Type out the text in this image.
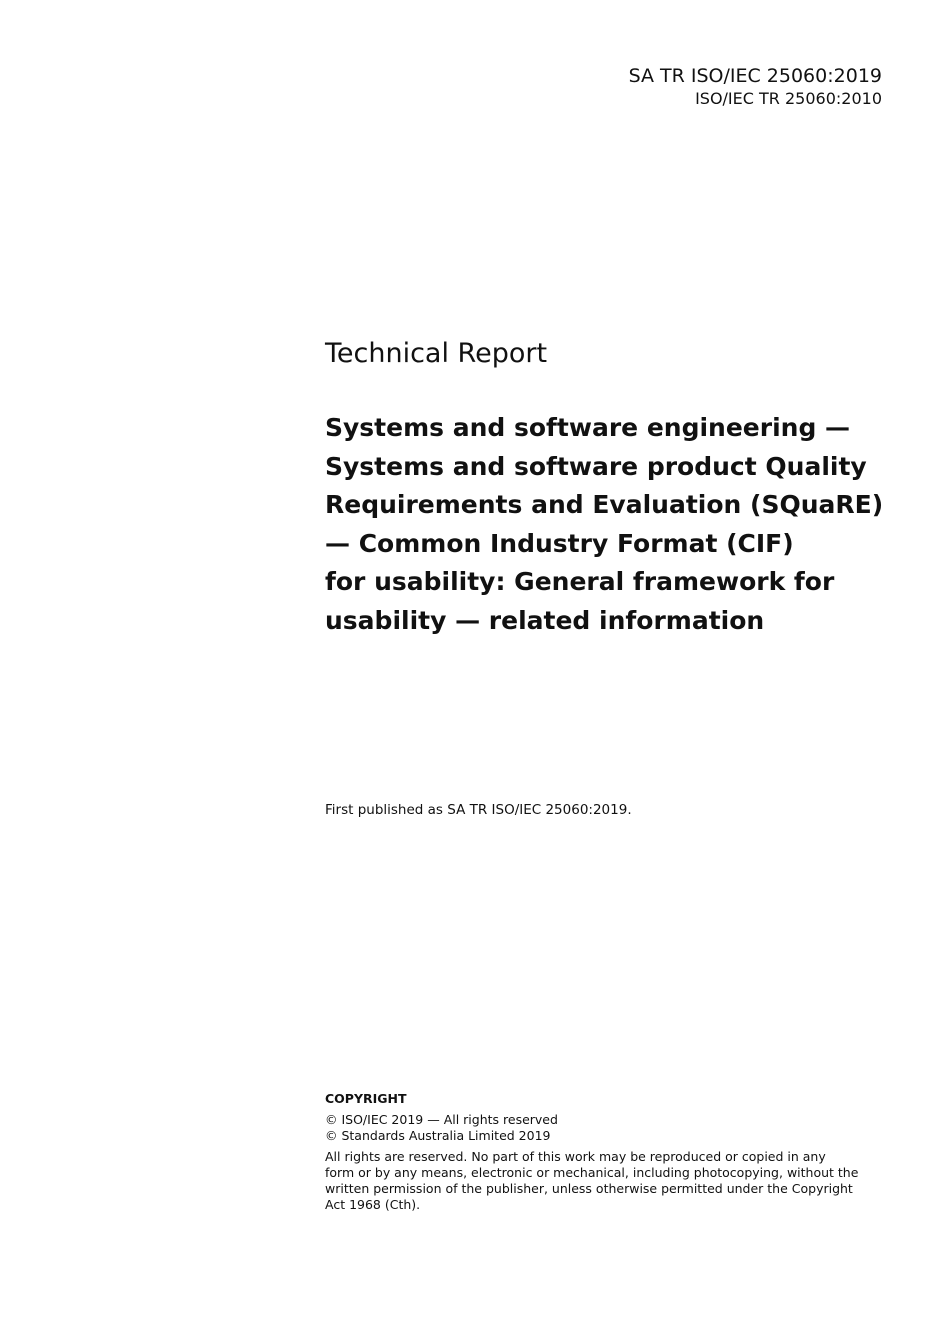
SA TR ISO/IEC 25060:2019
ISO/IEC TR 25060:2010
Technical Report
Systems and software engineering —
Systems and software product Quality
Requirements and Evaluation (SQuaRE)
— Common Industry Format (CIF)
for usability: General framework for
usability — related information
First published as SA TR ISO/IEC 25060:2019.
COPYRIGHT
© ISO/IEC 2019 — All rights reserved
© Standards Australia Limited 2019
All rights are reserved. No part of this work may be reproduced or copied in any
form or by any means, electronic or mechanical, including photocopying, without the
written permission of the publisher, unless otherwise permitted under the Copyright
Act 1968 (Cth).
